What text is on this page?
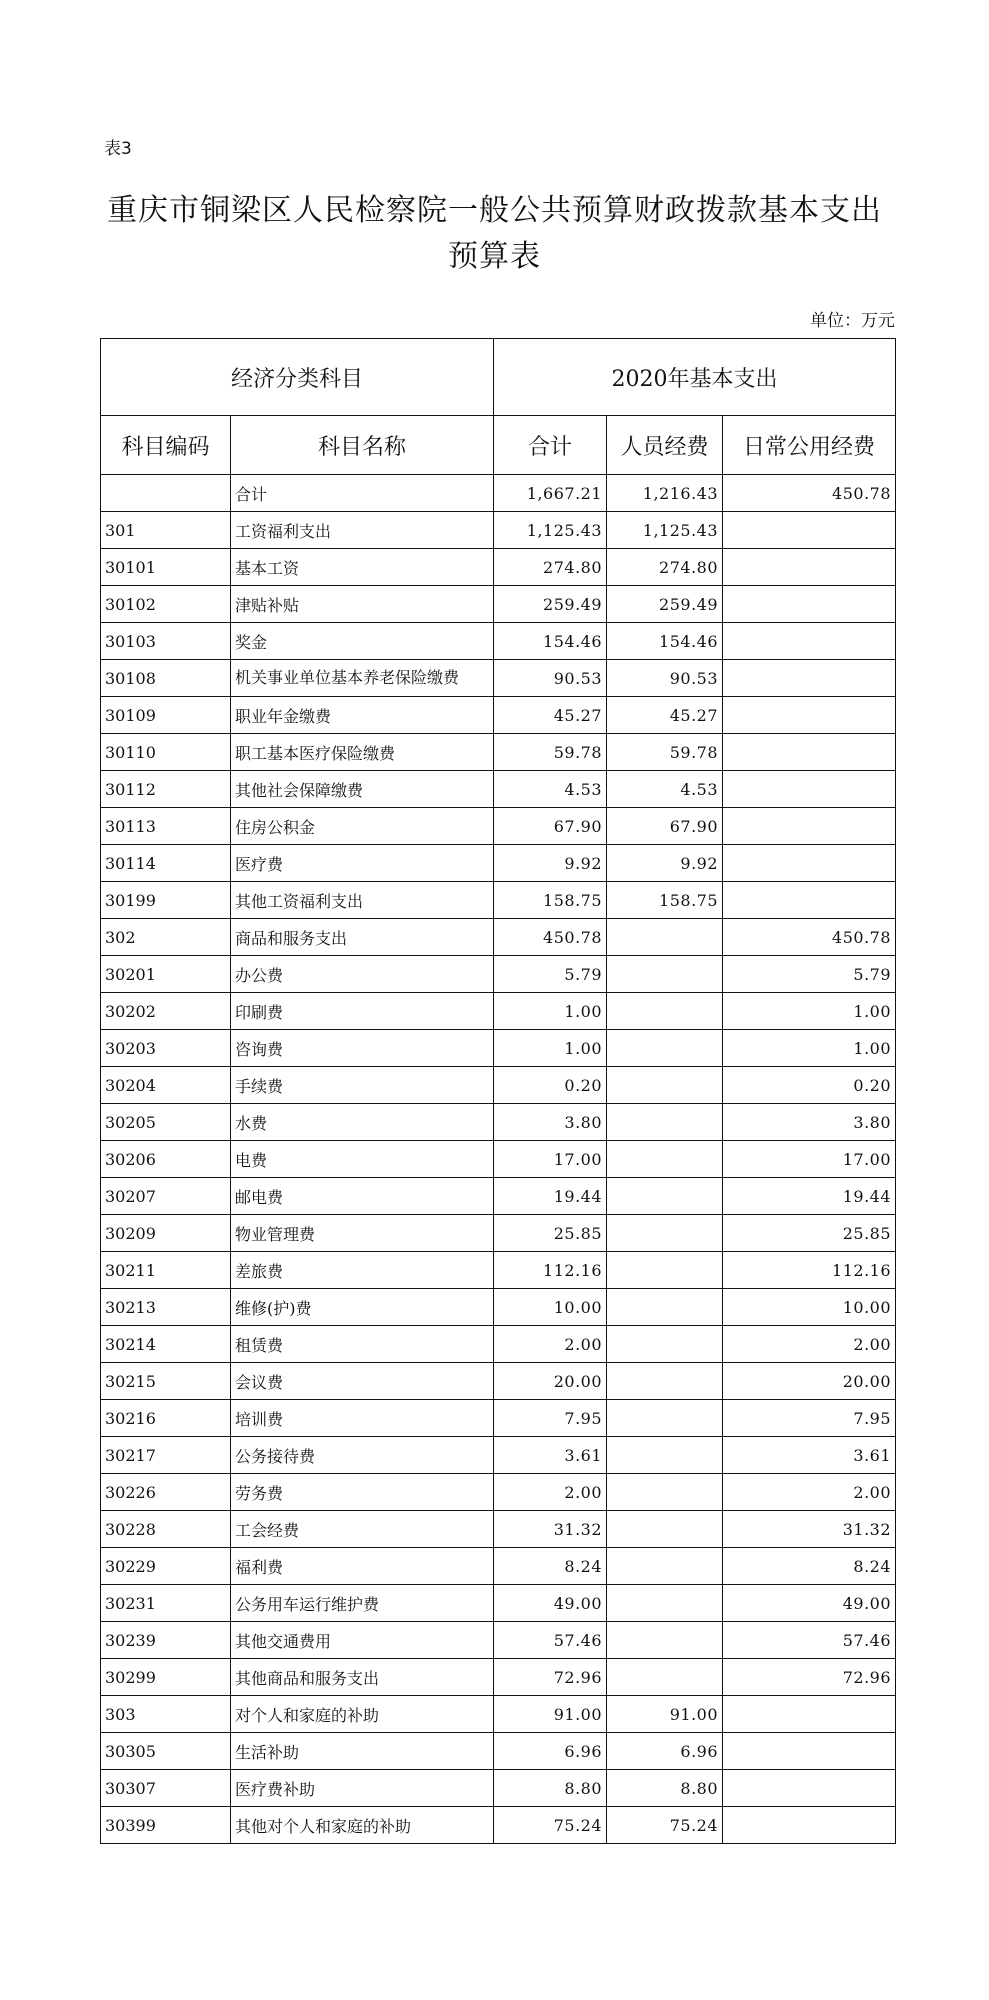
表3
重庆市铜梁区人民检察院一般公共预算财政拨款基本支出预算表
单位：万元
经济分类科目		2020年基本支出		
科目编码	科目名称	合计	人员经费	日常公用经费
	合计	1,667.21	1,216.43	450.78
301	工资福利支出	1,125.43	1,125.43	
30101	基本工资	274.80	274.80	
30102	津贴补贴	259.49	259.49	
30103	奖金	154.46	154.46	
30108	机关事业单位基本养老保险缴费	90.53	90.53	
30109	职业年金缴费	45.27	45.27	
30110	职工基本医疗保险缴费	59.78	59.78	
30112	其他社会保障缴费	4.53	4.53	
30113	住房公积金	67.90	67.90	
30114	医疗费	9.92	9.92	
30199	其他工资福利支出	158.75	158.75	
302	商品和服务支出	450.78		450.78
30201	办公费	5.79		5.79
30202	印刷费	1.00		1.00
30203	咨询费	1.00		1.00
30204	手续费	0.20		0.20
30205	水费	3.80		3.80
30206	电费	17.00		17.00
30207	邮电费	19.44		19.44
30209	物业管理费	25.85		25.85
30211	差旅费	112.16		112.16
30213	维修(护)费	10.00		10.00
30214	租赁费	2.00		2.00
30215	会议费	20.00		20.00
30216	培训费	7.95		7.95
30217	公务接待费	3.61		3.61
30226	劳务费	2.00		2.00
30228	工会经费	31.32		31.32
30229	福利费	8.24		8.24
30231	公务用车运行维护费	49.00		49.00
30239	其他交通费用	57.46		57.46
30299	其他商品和服务支出	72.96		72.96
303	对个人和家庭的补助	91.00	91.00	
30305	生活补助	6.96	6.96	
30307	医疗费补助	8.80	8.80	
30399	其他对个人和家庭的补助	75.24	75.24	
